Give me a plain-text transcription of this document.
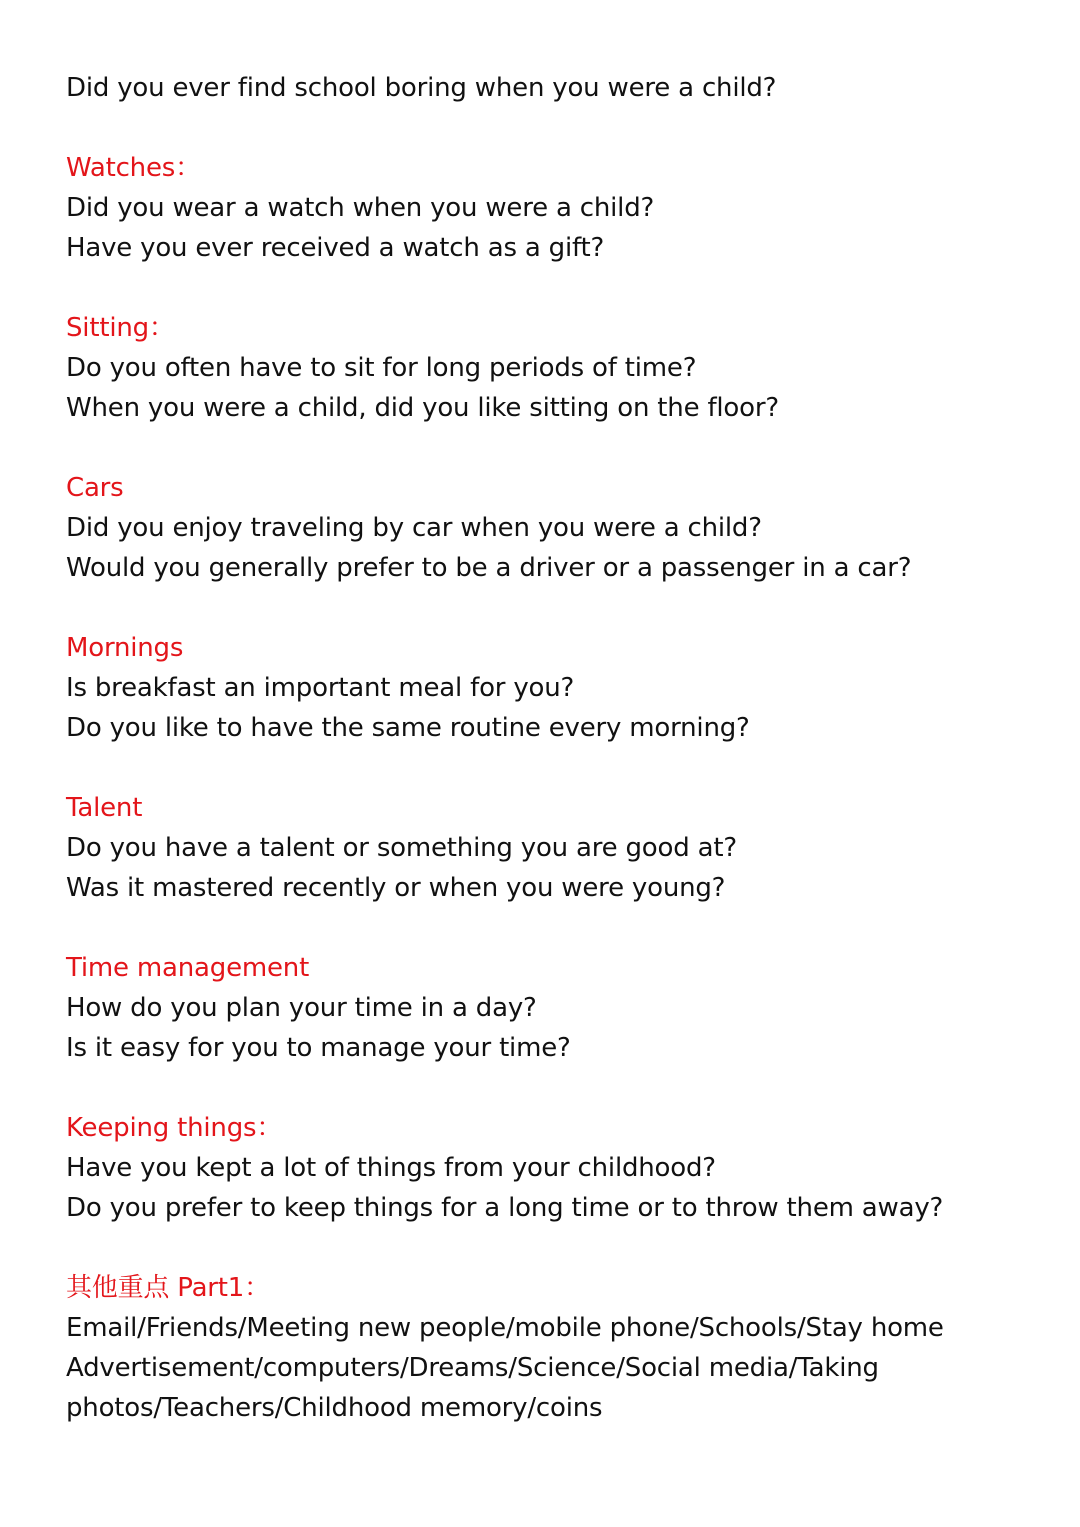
Did you ever find school boring when you were a child?
Watches：
Did you wear a watch when you were a child?
Have you ever received a watch as a gift?
Sitting：
Do you often have to sit for long periods of time?
When you were a child, did you like sitting on the floor?
Cars
Did you enjoy traveling by car when you were a child?
Would you generally prefer to be a driver or a passenger in a car?
Mornings
Is breakfast an important meal for you?
Do you like to have the same routine every morning?
Talent
Do you have a talent or something you are good at?
Was it mastered recently or when you were young?
Time management
How do you plan your time in a day?
Is it easy for you to manage your time?
Keeping things：
Have you kept a lot of things from your childhood?
Do you prefer to keep things for a long time or to throw them away?
其他重点 Part1：
Email/Friends/Meeting new people/mobile phone/Schools/Stay home
Advertisement/computers/Dreams/Science/Social media/Taking
photos/Teachers/Childhood memory/coins
